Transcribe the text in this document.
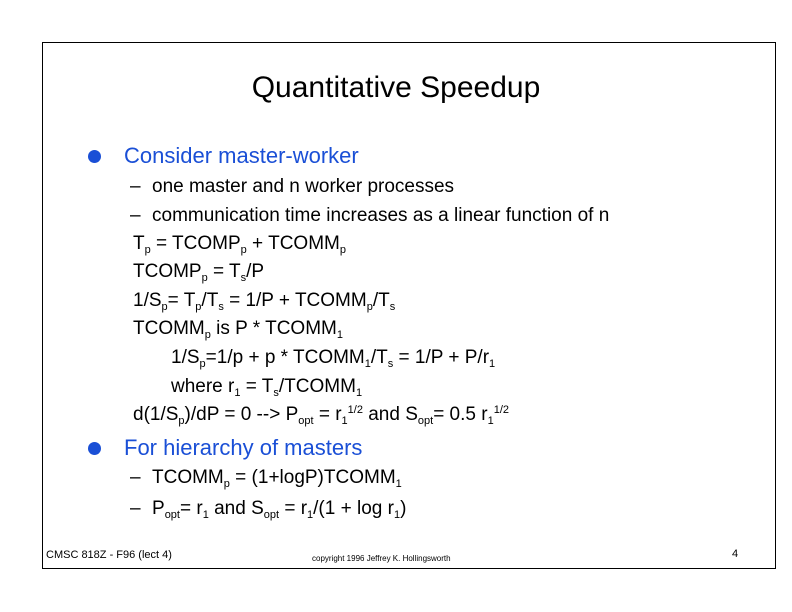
Quantitative Speedup
Consider master-worker
– one master and n worker processes
– communication time increases as a linear function of n
$T_p$ = $TCOMP_p$ + $TCOMM_p$
$TCOMP_p = T_s/P$
$1/S_p= T_p/T_s = 1/P$ + $TCOMM_p/T_s$
$TCOMM_p$ is P * $TCOMM_1$
$1/S_p=1/p + p$ * $TCOMM_1/T_s = 1/P + P/r_1$
where $r_1$ = $T_s/TCOMM_1$
$d(1/S_p)/dP = 0$ --> $P_{opt} = r_1^{1/2}$ and $S_{opt}= 0.5$ $r_1^{1/2}$
For hierarchy of masters
– $TCOMM_p$ = $(1+\log P)TCOMM_1$
– $P_{opt}= r_1$ and $S_{opt} = r_1/(1 + \log r_1)$
CMSC 818Z - F96 (lect 4)	copyright 1996 Jeffrey K. Hollingsworth	4
